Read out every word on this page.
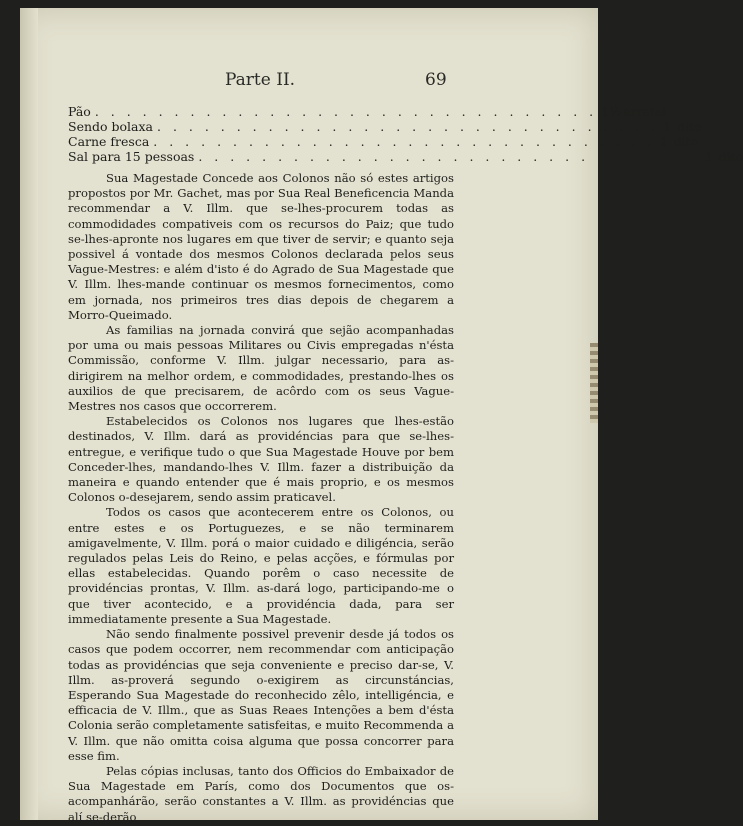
Parte II.	69
Pão . . . . . . . . . . . . . . . . . . . . . . . . . . . . . . . . 1½ arratel
Sendo bolaxa . . . . . . . . . . . . . . . . . . . . . . . . . . . . . . . . 1 dito
Carne fresca . . . . . . . . . . . . . . . . . . . . . . . . . . . . . . . . 1 dito
Sal para 15 pessoas . . . . . . . . . . . . . . . . . . . . . . . . . . . . . . . . 1 dito

Sua Magestade Concede aos Colonos não só estes artigos propostos por Mr. Gachet, mas por Sua Real Beneficencia Manda recommendar a V. Illm. que se-lhes-procurem todas as commodidades compativeis com os recursos do Paiz; que tudo se-lhes-apronte nos lugares em que tiver de servir; e quanto seja possivel á vontade dos mesmos Colonos declarada pelos seus Vague-Mestres: e além d'isto é do Agrado de Sua Magestade que V. Illm. lhes-mande continuar os mesmos fornecimentos, como em jornada, nos primeiros tres dias depois de chegarem a Morro-Queimado.

As familias na jornada convirá que sejão acompanhadas por uma ou mais pessoas Militares ou Civis empregadas n'ésta Commissão, conforme V. Illm. julgar necessario, para as-dirigirem na melhor ordem, e commodidades, prestando-lhes os auxilios de que precisarem, de acôrdo com os seus Vague-Mestres nos casos que occorrerem.

Estabelecidos os Colonos nos lugares que lhes-estão destinados, V. Illm. dará as providéncias para que se-lhes-entregue, e verifique tudo o que Sua Magestade Houve por bem Conceder-lhes, mandando-lhes V. Illm. fazer a distribuição da maneira e quando entender que é mais proprio, e os mesmos Colonos o-desejarem, sendo assim praticavel.

Todos os casos que acontecerem entre os Colonos, ou entre estes e os Portuguezes, e se não terminarem amigavelmente, V. Illm. porá o maior cuidado e diligéncia, serão regulados pelas Leis do Reino, e pelas acções, e fórmulas por ellas estabelecidas. Quando porêm o caso necessite de providéncias prontas, V. Illm. as-dará logo, participando-me o que tiver acontecido, e a providéncia dada, para ser immediatamente presente a Sua Magestade.

Não sendo finalmente possivel prevenir desde já todos os casos que podem occorrer, nem recommendar com anticipação todas as providéncias que seja conveniente e preciso dar-se, V. Illm. as-proverá segundo o-exigirem as circunstáncias, Esperando Sua Magestade do reconhecido zêlo, intelligéncia, e efficacia de V. Illm., que as Suas Reaes Intenções a bem d'ésta Colonia serão completamente satisfeitas, e muito Recommenda a V. Illm. que não omitta coisa alguma que possa concorrer para esse fim.

Pelas cópias inclusas, tanto dos Officios do Embaixador de Sua Magestade em París, como dos Documentos que os-acompanhárão, serão constantes a V. Illm. as providéncias que alí se-derão
